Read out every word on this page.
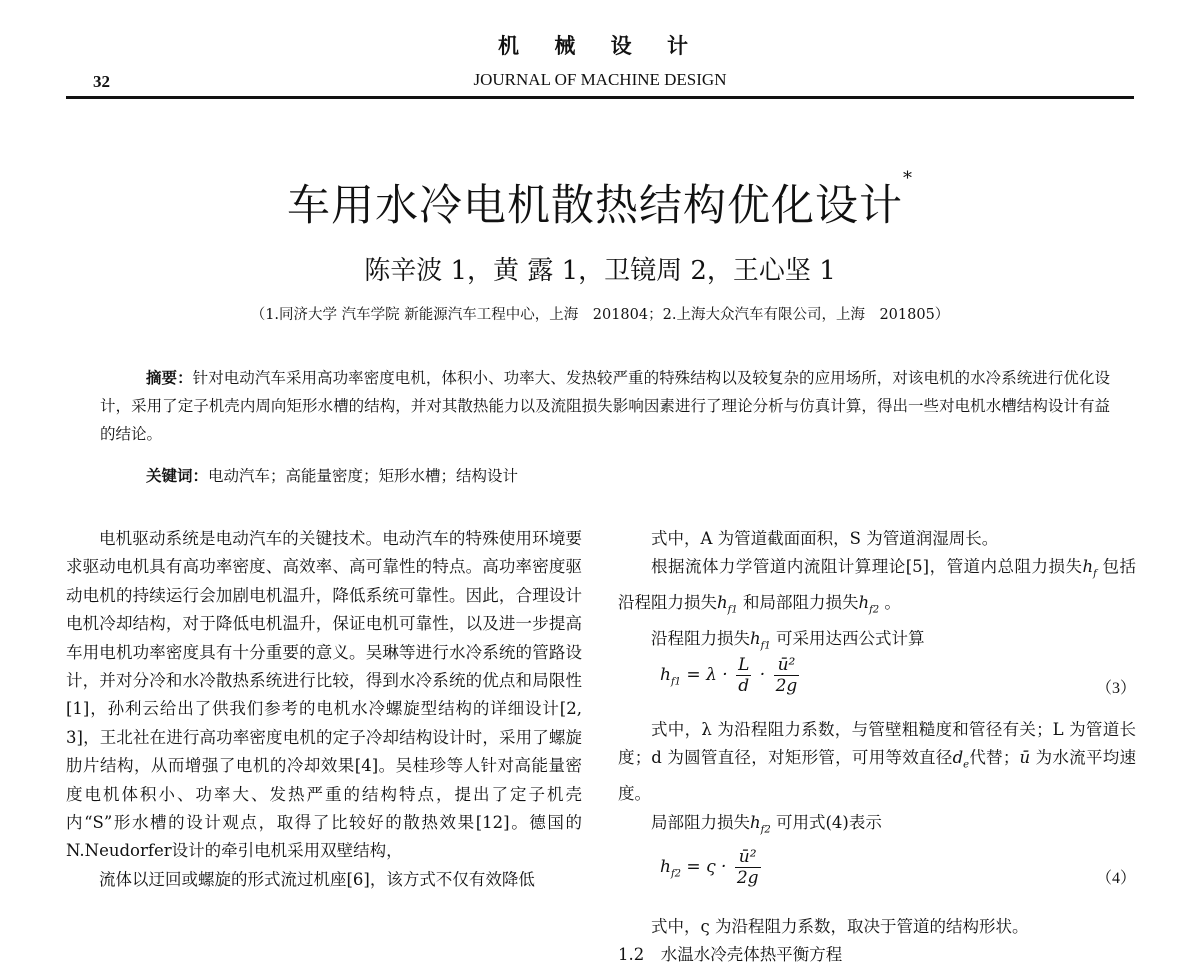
机 械 设 计
32	JOURNAL OF MACHINE DESIGN
车用水冷电机散热结构优化设计*
陈辛波 1，黄 露 1，卫镜周 2，王心坚 1
（1.同济大学 汽车学院 新能源汽车工程中心，上海　201804；2.上海大众汽车有限公司，上海　201805）
摘要：针对电动汽车采用高功率密度电机，体积小、功率大、发热较严重的特殊结构以及较复杂的应用场所，对该电机的水冷系统进行优化设计，采用了定子机壳内周向矩形水槽的结构，并对其散热能力以及流阻损失影响因素进行了理论分析与仿真计算，得出一些对电机水槽结构设计有益的结论。
关键词：电动汽车；高能量密度；矩形水槽；结构设计

电机驱动系统是电动汽车的关键技术。电动汽车的特殊使用环境要求驱动电机具有高功率密度、高效率、高可靠性的特点。高功率密度驱动电机的持续运行会加剧电机温升，降低系统可靠性。因此，合理设计电机冷却结构，对于降低电机温升，保证电机可靠性，以及进一步提高车用电机功率密度具有十分重要的意义。吴琳等进行水冷系统的管路设计，并对分冷和水冷散热系统进行比较，得到水冷系统的优点和局限性[1]，孙利云给出了供我们参考的电机水冷螺旋型结构的详细设计[2, 3]，王北社在进行高功率密度电机的定子冷却结构设计时，采用了螺旋肋片结构，从而增强了电机的冷却效果[4]。吴桂珍等人针对高能量密度电机体积小、功率大、发热严重的结构特点，提出了定子机壳内“S”形水槽的设计观点，取得了比较好的散热效果[12]。德国的N.Neudorfer设计的牵引电机采用双壁结构，

流体以迂回或螺旋的形式流过机座[6]，该方式不仅有效降低

式中，A 为管道截面面积，S 为管道润湿周长。

根据流体力学管道内流阻计算理论[5]，管道内总阻力损失$h_f$ 包括沿程阻力损失$h_{f1}$ 和局部阻力损失$h_{f2}$ 。

沿程阻力损失$h_{f1}$ 可采用达西公式计算

$h_{f1} = \lambda \cdot \frac{L}{d} \cdot \frac{\text{ū²}}{2g}$	（3）

式中，λ 为沿程阻力系数，与管壁粗糙度和管径有关；L 为管道长度；d 为圆管直径，对矩形管，可用等效直径$d_e$代替；ū 为水流平均速度。

局部阻力损失$h_{f2}$ 可用式(4)表示

$h_{f2} = \varsigma \cdot \frac{\text{ū²}}{2g}$	（4）

式中，ς 为沿程阻力系数，取决于管道的结构形状。

1.2　水温水冷壳体热平衡方程
